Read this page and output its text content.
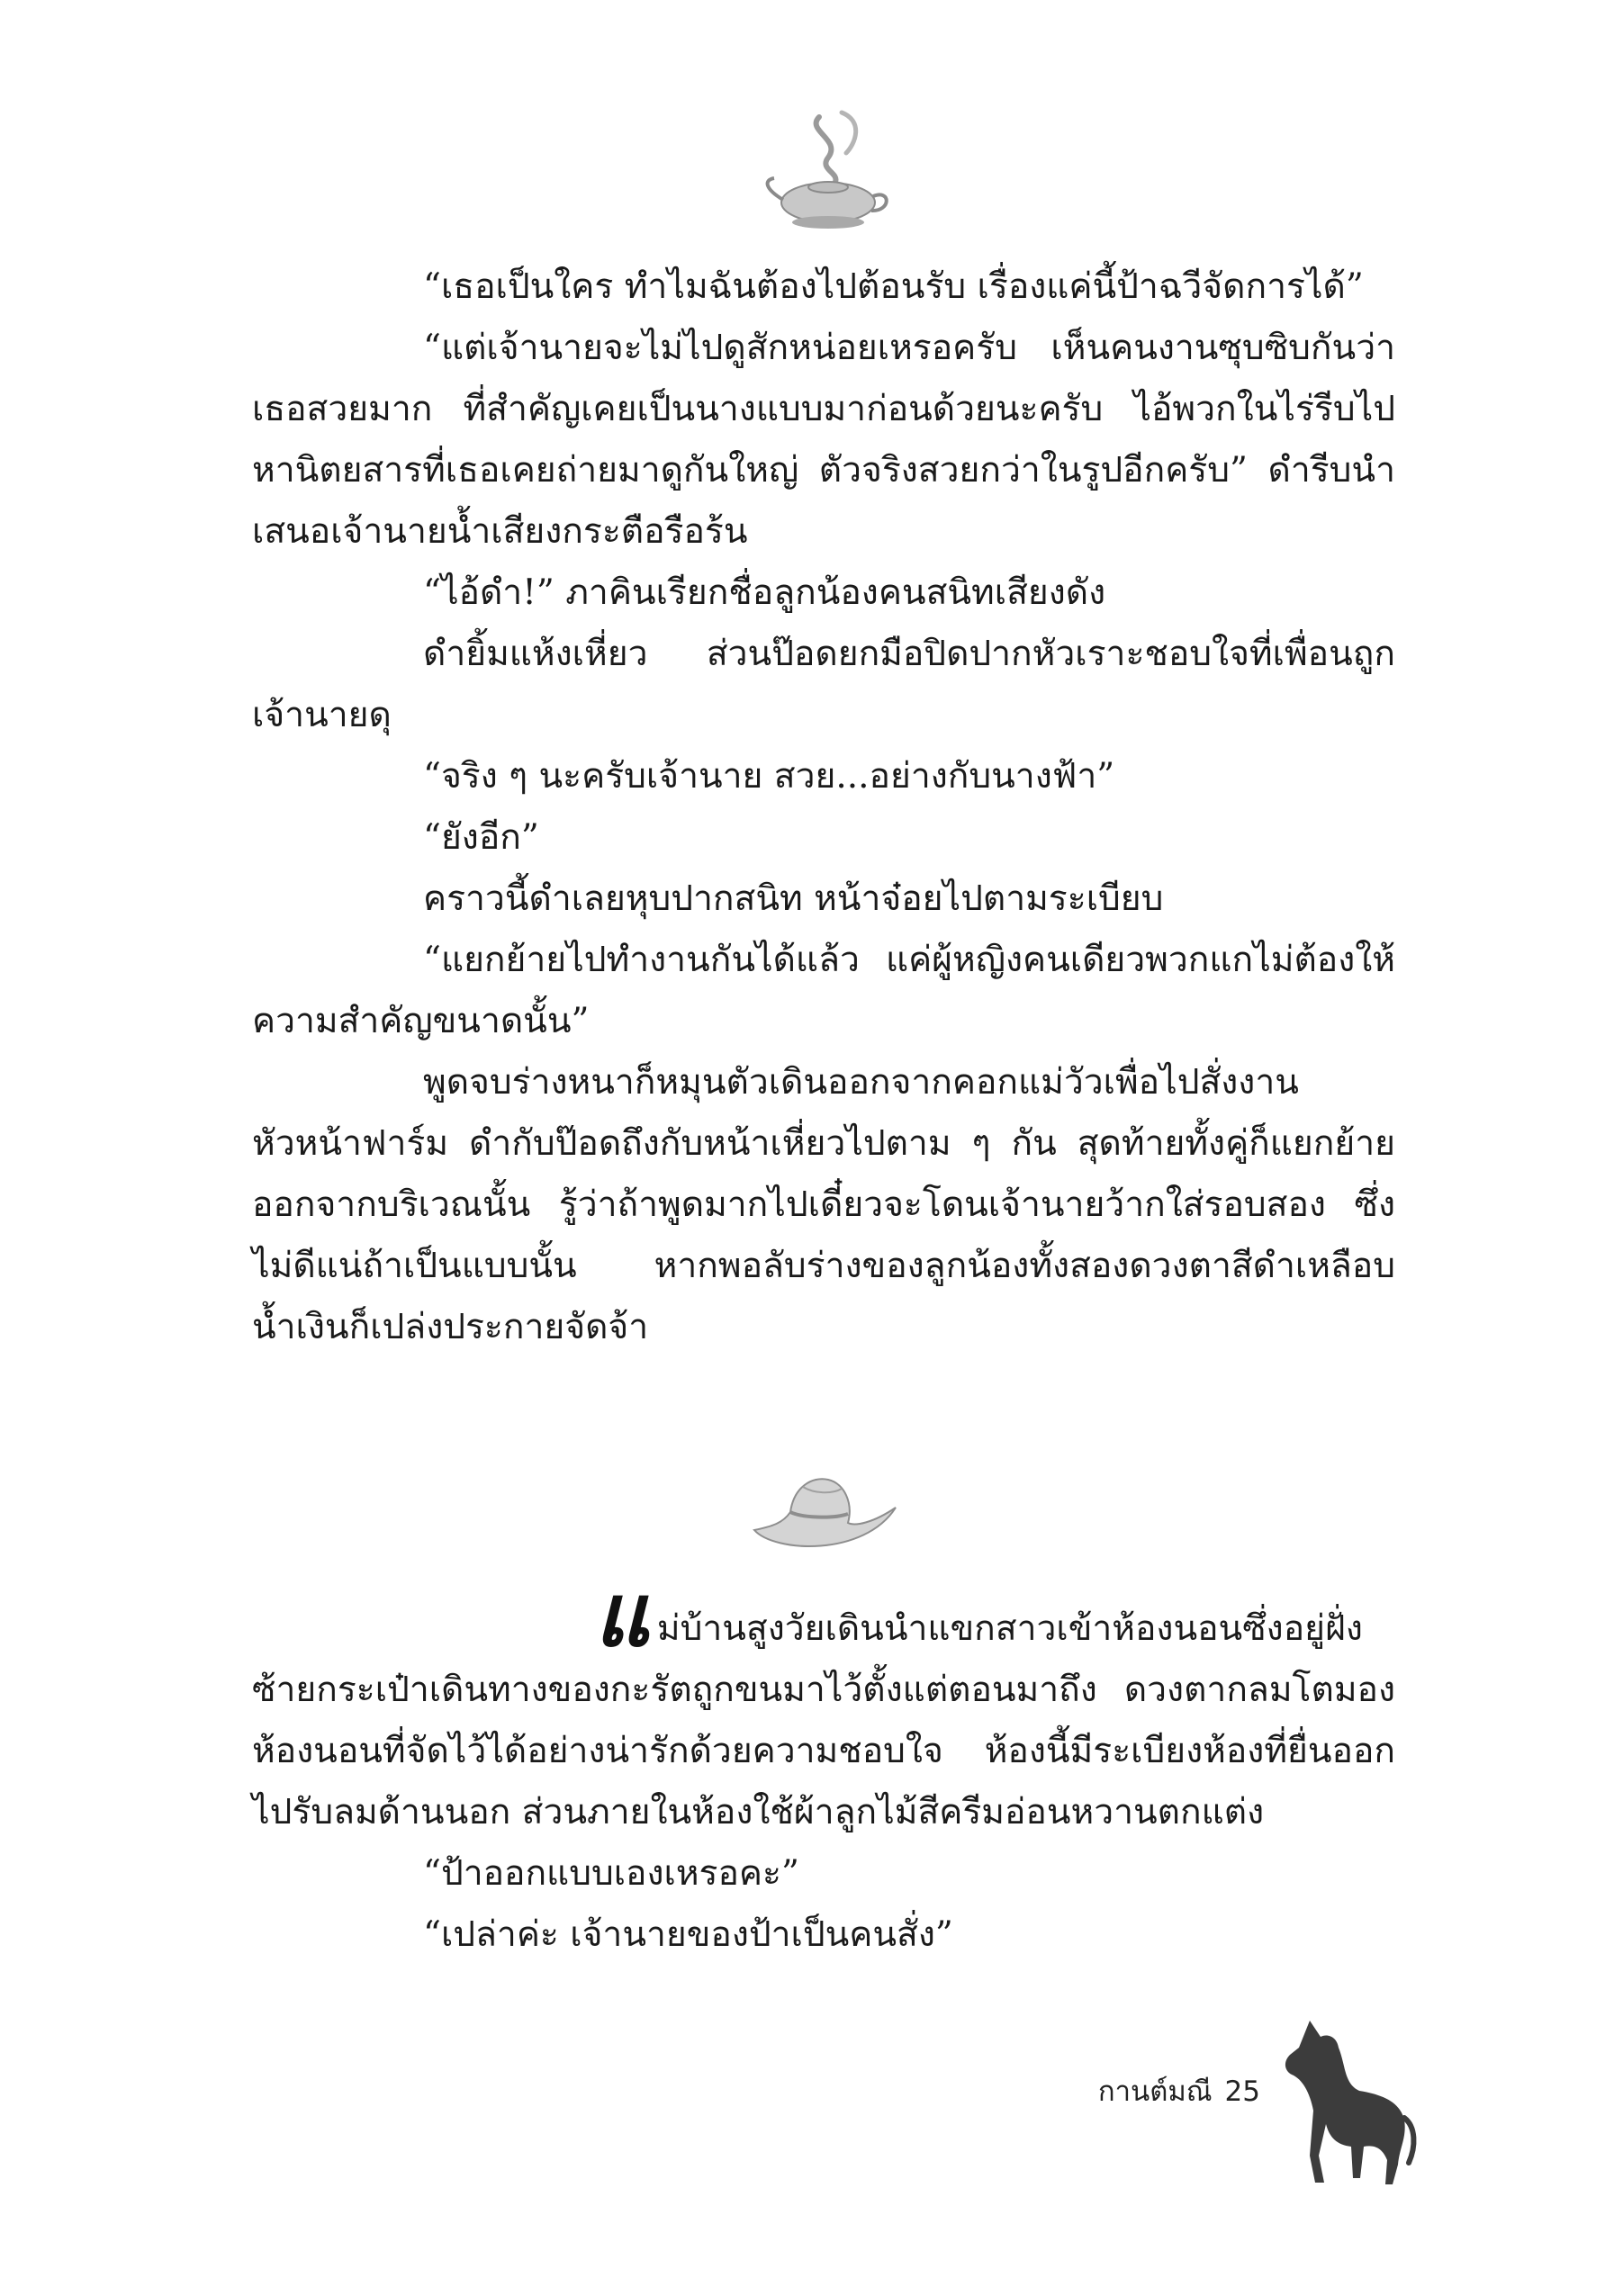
“เธอเป็นใคร ทำไมฉันต้องไปต้อนรับ เรื่องแค่นี้ป้าฉวีจัดการได้”

“แต่เจ้านายจะไม่ไปดูสักหน่อยเหรอครับ เห็นคนงานซุบซิบกันว่าเธอสวยมาก ที่สำคัญเคยเป็นนางแบบมาก่อนด้วยนะครับ ไอ้พวกในไร่รีบไปหานิตยสารที่เธอเคยถ่ายมาดูกันใหญ่ ตัวจริงสวยกว่าในรูปอีกครับ” ดำรีบนำเสนอเจ้านายน้ำเสียงกระตือรือร้น

“ไอ้ดำ!” ภาคินเรียกชื่อลูกน้องคนสนิทเสียงดัง

ดำยิ้มแห้งเหี่ยว ส่วนป๊อดยกมือปิดปากหัวเราะชอบใจที่เพื่อนถูกเจ้านายดุ

“จริง ๆ นะครับเจ้านาย สวย...อย่างกับนางฟ้า”

“ยังอีก”

คราวนี้ดำเลยหุบปากสนิท หน้าจ๋อยไปตามระเบียบ

“แยกย้ายไปทำงานกันได้แล้ว แค่ผู้หญิงคนเดียวพวกแกไม่ต้องให้ความสำคัญขนาดนั้น”

พูดจบร่างหนาก็หมุนตัวเดินออกจากคอกแม่วัวเพื่อไปสั่งงานหัวหน้าฟาร์ม ดำกับป๊อดถึงกับหน้าเหี่ยวไปตาม ๆ กัน สุดท้ายทั้งคู่ก็แยกย้ายออกจากบริเวณนั้น รู้ว่าถ้าพูดมากไปเดี๋ยวจะโดนเจ้านายว้ากใส่รอบสอง ซึ่งไม่ดีแน่ถ้าเป็นแบบนั้น หากพอลับร่างของลูกน้องทั้งสองดวงตาสีดำเหลือบน้ำเงินก็เปล่งประกายจัดจ้า

แม่บ้านสูงวัยเดินนำแขกสาวเข้าห้องนอนซึ่งอยู่ฝั่งซ้ายกระเป๋าเดินทางของกะรัตถูกขนมาไว้ตั้งแต่ตอนมาถึง ดวงตากลมโตมองห้องนอนที่จัดไว้ได้อย่างน่ารักด้วยความชอบใจ ห้องนี้มีระเบียงห้องที่ยื่นออกไปรับลมด้านนอก ส่วนภายในห้องใช้ผ้าลูกไม้สีครีมอ่อนหวานตกแต่ง

“ป้าออกแบบเองเหรอคะ”

“เปล่าค่ะ เจ้านายของป้าเป็นคนสั่ง”

กานต์มณี 25
